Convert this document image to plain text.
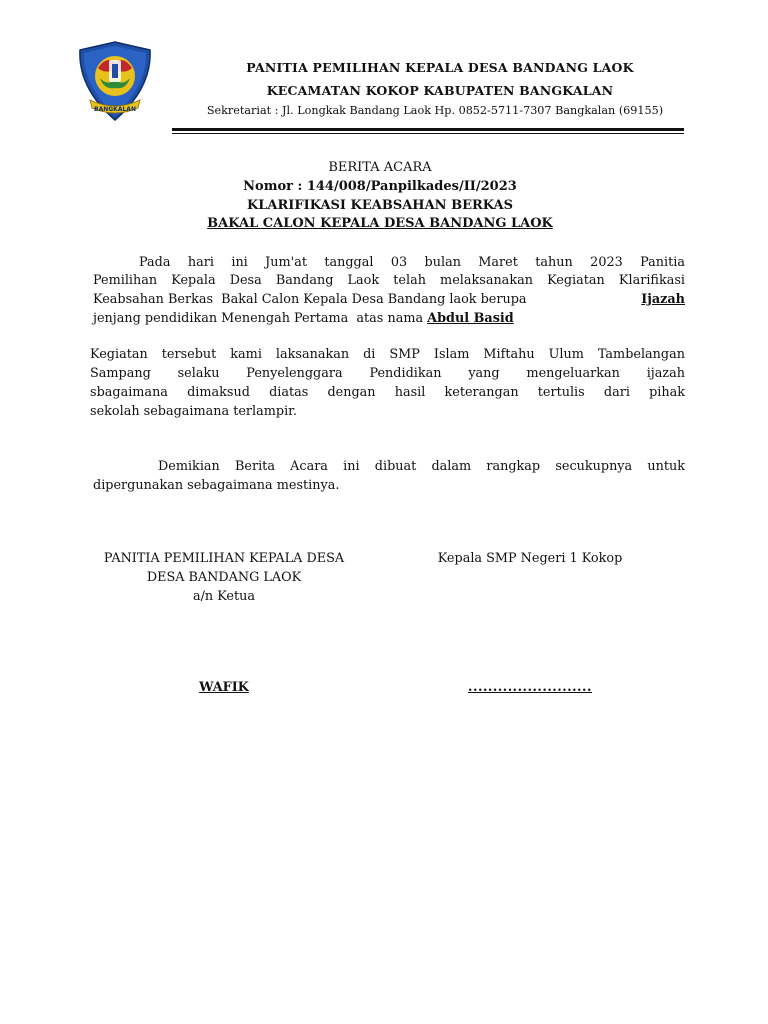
BANGKALAN
PANITIA PEMILIHAN KEPALA DESA BANDANG LAOK
KECAMATAN KOKOP KABUPATEN BANGKALAN
Sekretariat : Jl. Longkak Bandang Laok Hp. 0852-5711-7307 Bangkalan (69155)
BERITA ACARA
Nomor : 144/008/Panpilkades/II/2023
KLARIFIKASI KEABSAHAN BERKAS
BAKAL CALON KEPALA DESA BANDANG LAOK
Pada hari ini Jum'at tanggal 03 bulan Maret tahun 2023 Panitia
Pemilihan Kepala Desa Bandang Laok telah melaksanakan Kegiatan Klarifikasi
Keabsahan Berkas  Bakal Calon Kepala Desa Bandang laok berupa	Ijazah
jenjang pendidikan Menengah Pertama  atas nama Abdul Basid
Kegiatan tersebut kami laksanakan di SMP Islam Miftahu Ulum Tambelangan
Sampang selaku Penyelenggara Pendidikan yang mengeluarkan ijazah
sbagaimana dimaksud diatas dengan hasil keterangan tertulis dari pihak
sekolah sebagaimana terlampir.
Demikian Berita Acara ini dibuat dalam rangkap secukupnya untuk
dipergunakan sebagaimana mestinya.
PANITIA PEMILIHAN KEPALA DESA
DESA BANDANG LAOK
a/n Ketua
Kepala SMP Negeri 1 Kokop
WAFIK	.........................
